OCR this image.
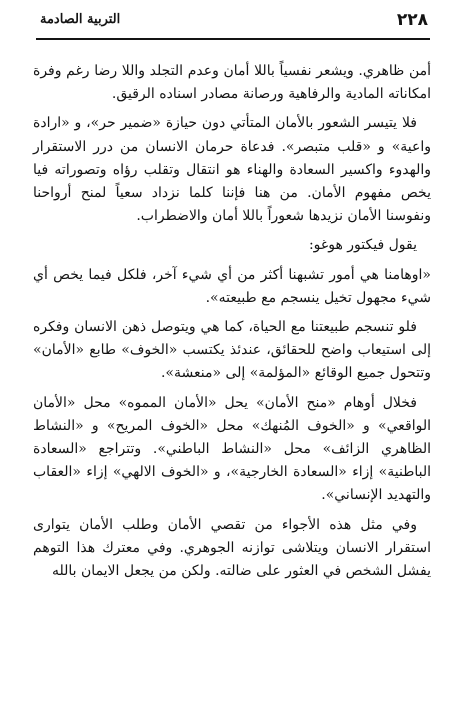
٢٢٨
التربية الصادمة

أمن ظاهري. ويشعر نفسياً باللا أمان وعدم التجلد واللا رضا رغم وفرة امكاناته المادية والرفاهية ورصانة مصادر اسناده الرقيق.

فلا يتيسر الشعور بالأمان المتأتي دون حيازة «ضمير حر»، و «ارادة واعية» و «قلب متبصر». فدعاة حرمان الانسان من درر الاستقرار والهدوء واكسير السعادة والهناء هو انتقال وتقلب رؤاه وتصوراته فيا يخص مفهوم الأمان. من هنا فإننا كلما نزداد سعياً لمنح أرواحنا ونفوسنا الأمان نزيدها شعوراً باللا أمان والاضطراب.

يقول فيكتور هوغو:

«اوهامنا هي أمور تشبهنا أكثر من أي شيء آخر، فلكل فيما يخص أي شيء مجهول تخيل ينسجم مع طبيعته».

فلو تنسجم طبيعتنا مع الحياة، كما هي ويتوصل ذهن الانسان وفكره إلى استيعاب واضح للحقائق، عندئذ يكتسب «الخوف» طابع «الأمان» وتتحول جميع الوقائع «المؤلمة» إلى «منعشة».

فخلال أوهام «منح الأمان» يحل «الأمان المموه» محل «الأمان الواقعي» و «الخوف المُنهك» محل «الخوف المريح» و «النشاط الظاهري الزائف» محل «النشاط الباطني». وتتراجع «السعادة الباطنية» إزاء «السعادة الخارجية»، و «الخوف الالهي» إزاء «العقاب والتهديد الإنساني».

وفي مثل هذه الأجواء من تقصي الأمان وطلب الأمان يتوارى استقرار الانسان ويتلاشى توازنه الجوهري. وفي معترك هذا التوهم يفشل الشخص في العثور على ضالته. ولكن من يجعل الايمان بالله
